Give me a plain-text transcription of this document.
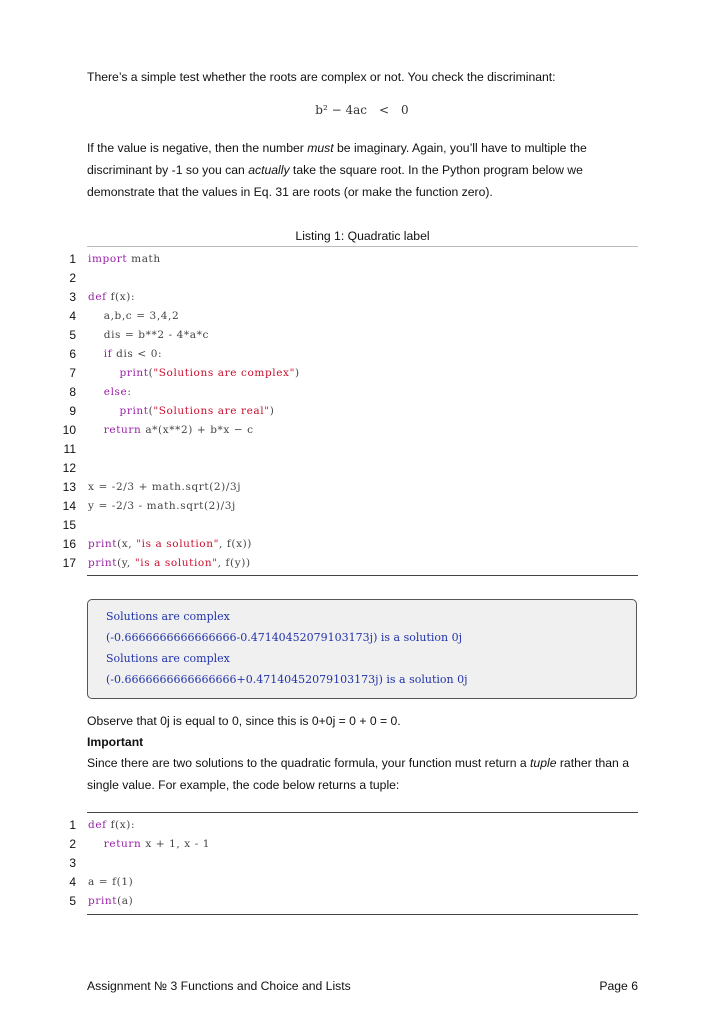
There’s a simple test whether the roots are complex or not. You check the discriminant:

b² − 4ac < 0

If the value is negative, then the number must be imaginary. Again, you’ll have to multiple the discriminant by -1 so you can actually take the square root. In the Python program below we demonstrate that the values in Eq. 31 are roots (or make the function zero).

Listing 1: Quadratic label
1 import math
2
3 def f(x):
4 a,b,c = 3,4,2
5 dis = b**2 - 4*a*c
6	if dis < 0:
7	print("Solutions are complex")
8	else:
9	print("Solutions are real")
10	return a*(x**2) + b*x − c
11
12
13 x = -2/3 + math.sqrt(2)/3j
14 y = -2/3 - math.sqrt(2)/3j
15
16 print(x, "is a solution", f(x))
17 print(y, "is a solution", f(y))
Solutions are complex
(-0.6666666666666666-0.47140452079103173j) is a solution 0j
Solutions are complex
(-0.6666666666666666+0.47140452079103173j) is a solution 0j

Observe that 0j is equal to 0, since this is 0+0j = 0 + 0 = 0.

Important

Since there are two solutions to the quadratic formula, your function must return a tuple rather than a single value. For example, the code below returns a tuple:

1 def f(x):
2	return x + 1, x - 1
3
4 a = f(1)
5 print(a)
Assignment № 3 Functions and Choice and Lists	Page 6
